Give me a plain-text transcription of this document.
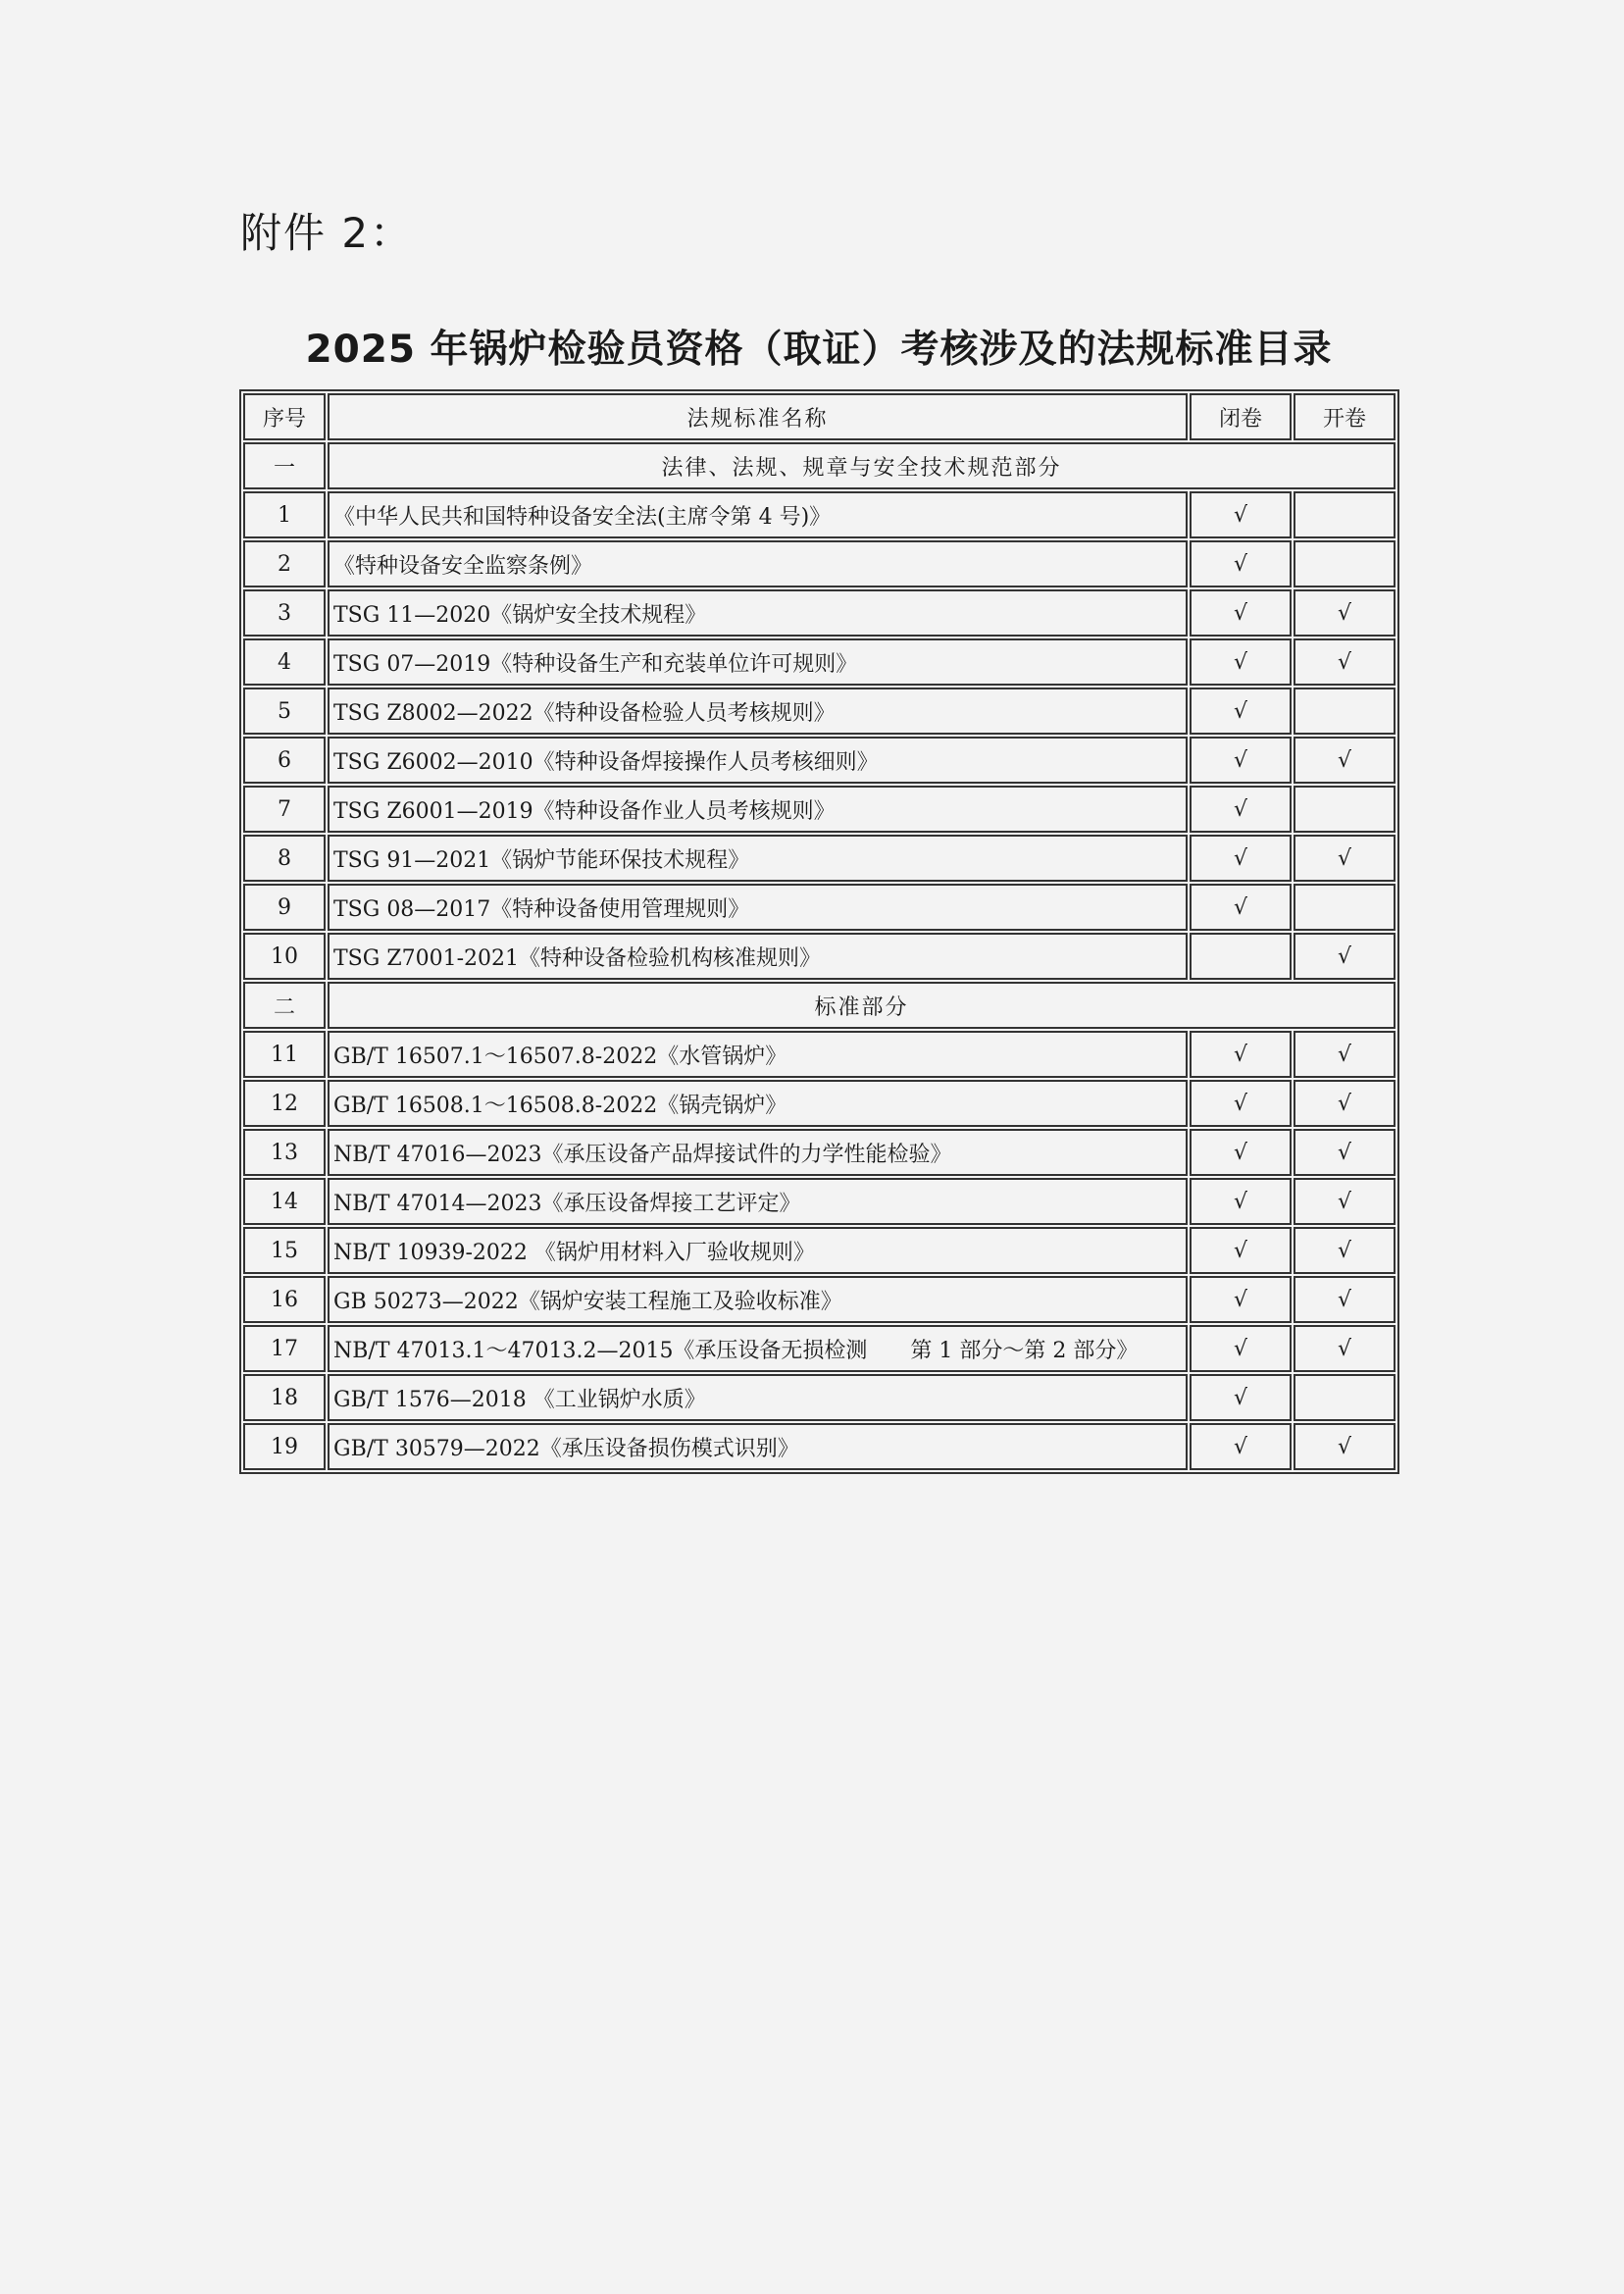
附件 2：
2025 年锅炉检验员资格（取证）考核涉及的法规标准目录
序号	法规标准名称	闭卷	开卷
一	法律、法规、规章与安全技术规范部分		
1	《中华人民共和国特种设备安全法(主席令第 4 号)》	√	
2	《特种设备安全监察条例》	√	
3	TSG 11—2020《锅炉安全技术规程》	√	√
4	TSG 07—2019《特种设备生产和充装单位许可规则》	√	√
5	TSG Z8002—2022《特种设备检验人员考核规则》	√	
6	TSG Z6002—2010《特种设备焊接操作人员考核细则》	√	√
7	TSG Z6001—2019《特种设备作业人员考核规则》	√	
8	TSG 91—2021《锅炉节能环保技术规程》	√	√
9	TSG 08—2017《特种设备使用管理规则》	√	
10	TSG Z7001-2021《特种设备检验机构核准规则》		√
二	标准部分		
11	GB/T 16507.1～16507.8-2022《水管锅炉》	√	√
12	GB/T 16508.1～16508.8-2022《锅壳锅炉》	√	√
13	NB/T 47016—2023《承压设备产品焊接试件的力学性能检验》	√	√
14	NB/T 47014—2023《承压设备焊接工艺评定》	√	√
15	NB/T 10939-2022 《锅炉用材料入厂验收规则》	√	√
16	GB 50273—2022《锅炉安装工程施工及验收标准》	√	√
17	NB/T 47013.1～47013.2—2015《承压设备无损检测　　第 1 部分～第 2 部分》	√	√
18	GB/T 1576—2018 《工业锅炉水质》	√	
19	GB/T 30579—2022《承压设备损伤模式识别》	√	√
